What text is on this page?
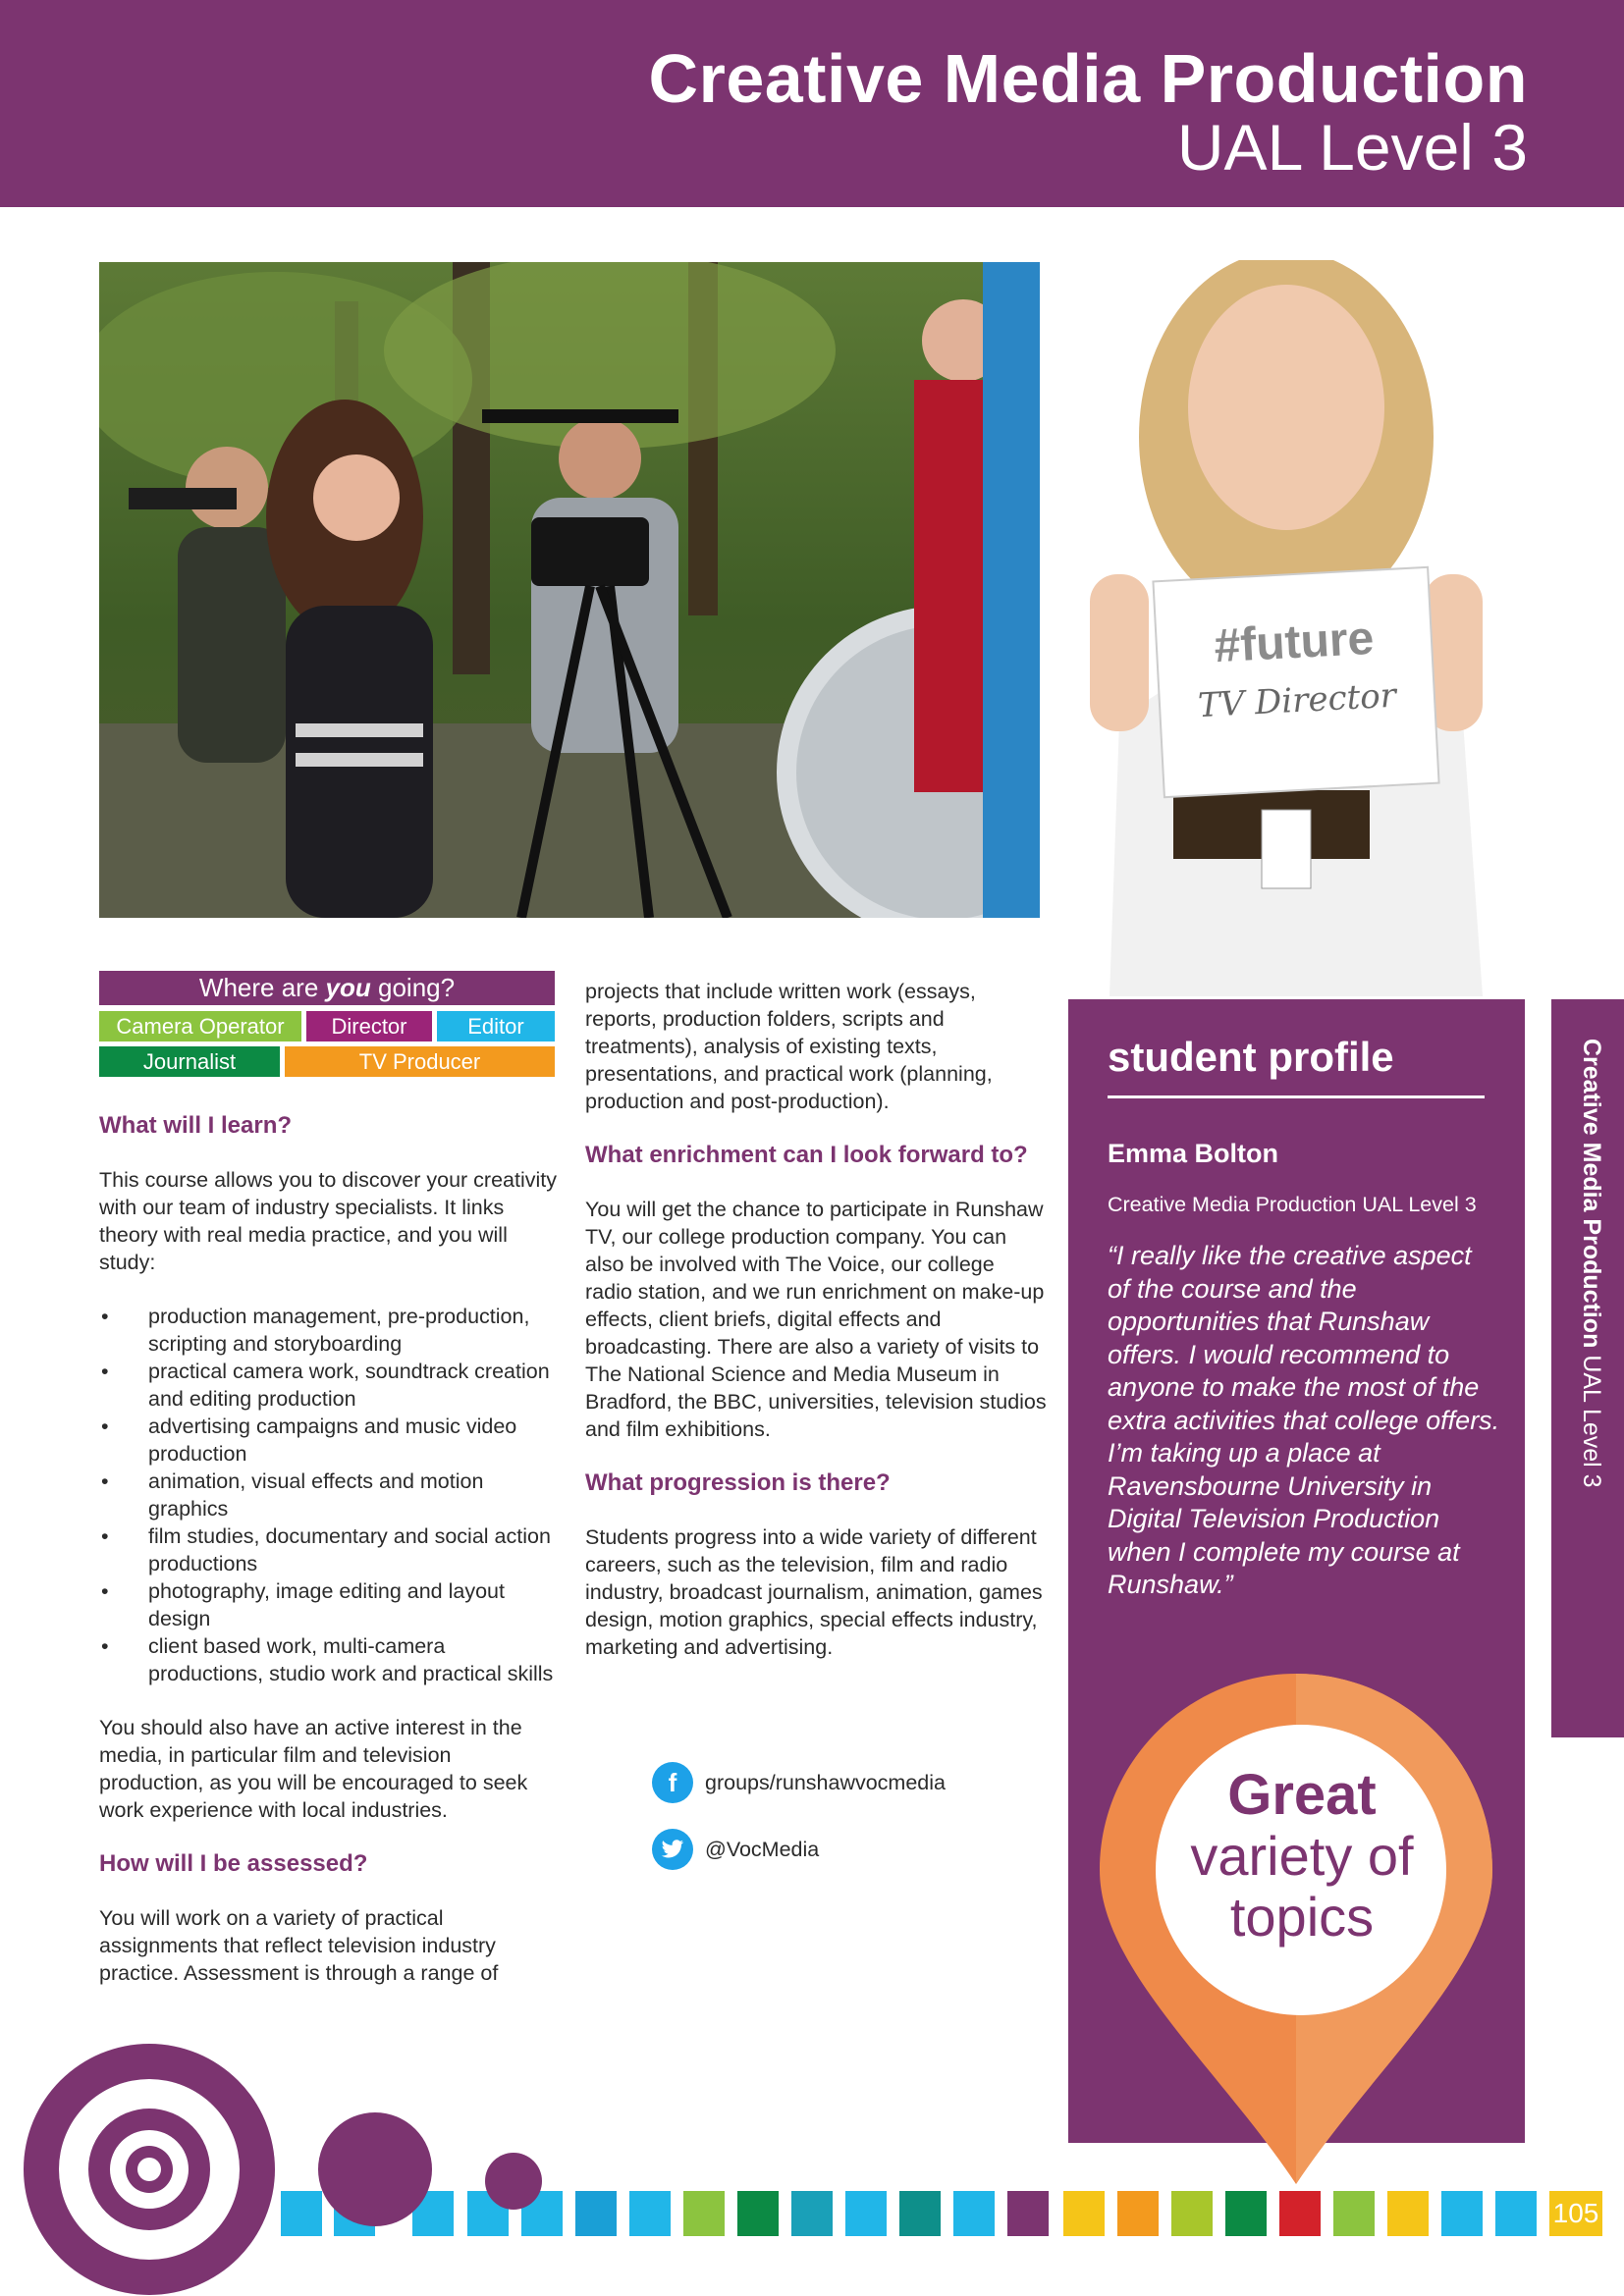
Creative Media Production
UAL Level 3
#future
TV Director
Where are you going?
Camera Operator	Director	Editor
Journalist	TV Producer
What will I learn?

This course allows you to discover your creativity with our team of industry specialists. It links theory with real media practice, and you will study:

• production management, pre-production, scripting and storyboarding
• practical camera work, soundtrack creation and editing production
• advertising campaigns and music video production
• animation, visual effects and motion graphics
• film studies, documentary and social action productions
• photography, image editing and layout design
• client based work, multi-camera productions, studio work and practical skills

You should also have an active interest in the media, in particular film and television production, as you will be encouraged to seek work experience with local industries.

How will I be assessed?

You will work on a variety of practical assignments that reflect television industry practice. Assessment is through a range of

projects that include written work (essays, reports, production folders, scripts and treatments), analysis of existing texts, presentations, and practical work (planning, production and post-production).

What enrichment can I look forward to?

You will get the chance to participate in Runshaw TV, our college production company. You can also be involved with The Voice, our college radio station, and we run enrichment on make-up effects, client briefs, digital effects and broadcasting. There are also a variety of visits to The National Science and Media Museum in Bradford, the BBC, universities, television studios and film exhibitions.

What progression is there?

Students progress into a wide variety of different careers, such as the television, film and radio industry, broadcast journalism, animation, games design, motion graphics, special effects industry, marketing and advertising.

f	groups/runshawvocmedia
@VocMedia
student profile
Emma Bolton
Creative Media Production UAL Level 3
“I really like the creative aspect of the course and the opportunities that Runshaw offers. I would recommend to anyone to make the most of the extra activities that college offers. I’m taking up a place at Ravensbourne University in Digital Television Production when I complete my course at Runshaw.”
Creative Media Production UAL Level 3
Great
variety of
topics
105
